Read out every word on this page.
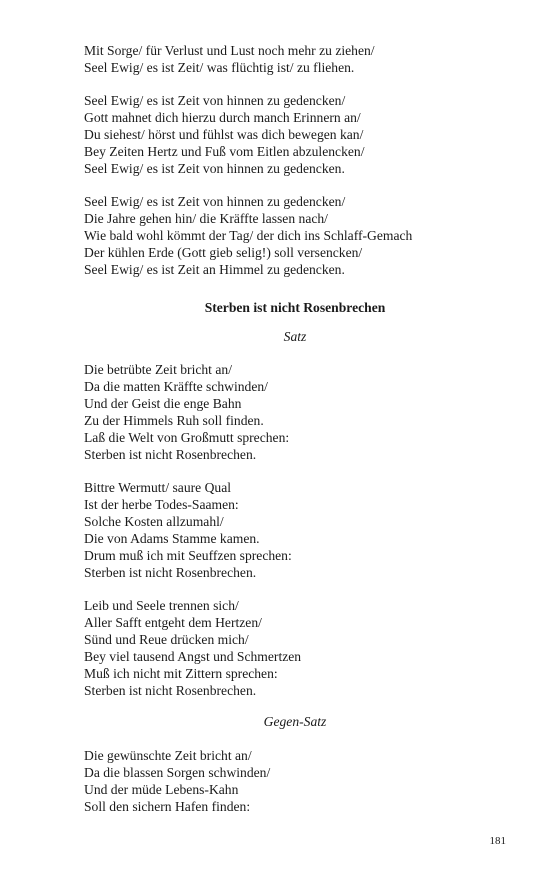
Mit Sorge/ für Verlust und Lust noch mehr zu ziehen/
Seel Ewig/ es ist Zeit/ was flüchtig ist/ zu fliehen.
Seel Ewig/ es ist Zeit von hinnen zu gedencken/
Gott mahnet dich hierzu durch manch Erinnern an/
Du siehest/ hörst und fühlst was dich bewegen kan/
Bey Zeiten Hertz und Fuß vom Eitlen abzulencken/
Seel Ewig/ es ist Zeit von hinnen zu gedencken.
Seel Ewig/ es ist Zeit von hinnen zu gedencken/
Die Jahre gehen hin/ die Kräffte lassen nach/
Wie bald wohl kömmt der Tag/ der dich ins Schlaff-Gemach
Der kühlen Erde (Gott gieb selig!) soll versencken/
Seel Ewig/ es ist Zeit an Himmel zu gedencken.
Sterben ist nicht Rosenbrechen
Satz
Die betrübte Zeit bricht an/
Da die matten Kräffte schwinden/
Und der Geist die enge Bahn
Zu der Himmels Ruh soll finden.
Laß die Welt von Großmutt sprechen:
Sterben ist nicht Rosenbrechen.
Bittre Wermutt/ saure Qual
Ist der herbe Todes-Saamen:
Solche Kosten allzumahl/
Die von Adams Stamme kamen.
Drum muß ich mit Seuffzen sprechen:
Sterben ist nicht Rosenbrechen.
Leib und Seele trennen sich/
Aller Safft entgeht dem Hertzen/
Sünd und Reue drücken mich/
Bey viel tausend Angst und Schmertzen
Muß ich nicht mit Zittern sprechen:
Sterben ist nicht Rosenbrechen.
Gegen-Satz
Die gewünschte Zeit bricht an/
Da die blassen Sorgen schwinden/
Und der müde Lebens-Kahn
Soll den sichern Hafen finden:
181
